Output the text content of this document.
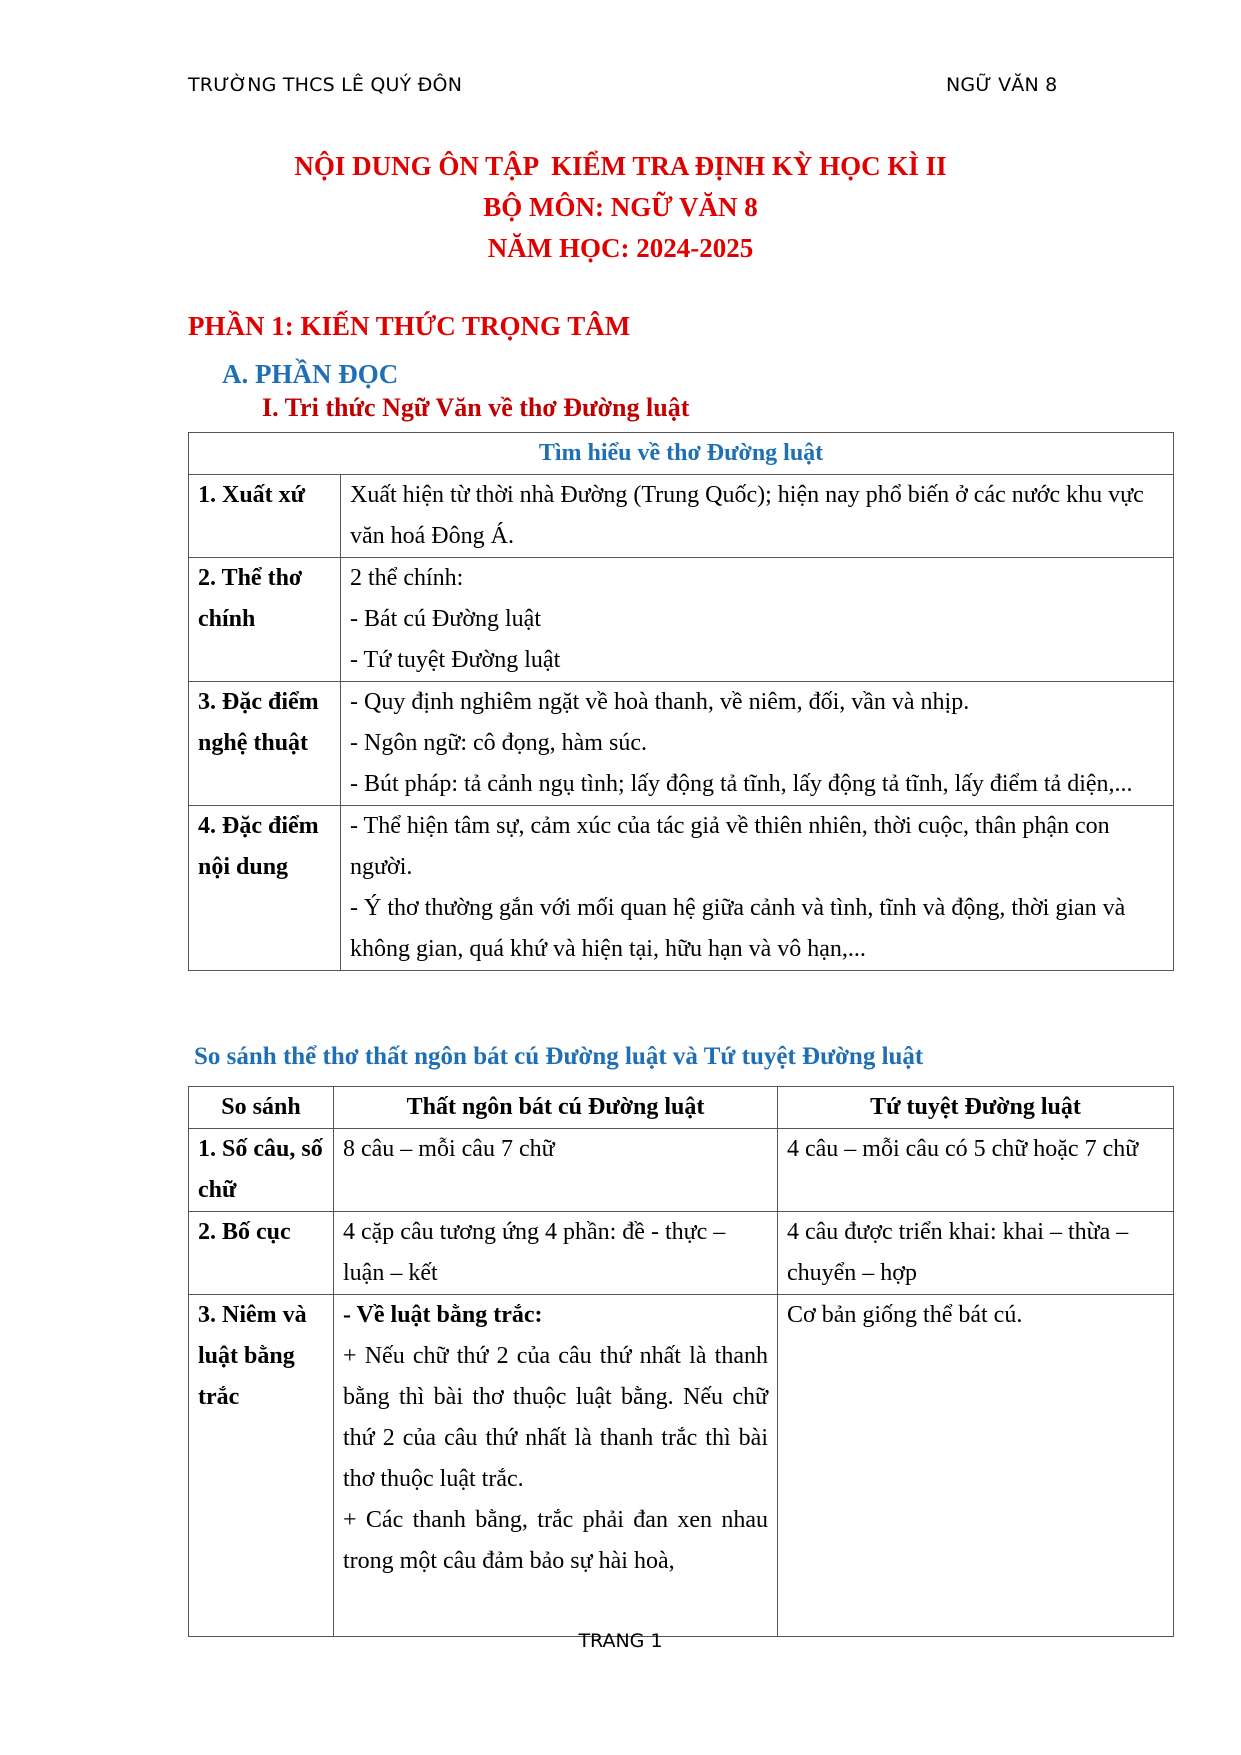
TRƯỜNG THCS LÊ QUÝ ĐÔN	NGỮ VĂN 8
NỘI DUNG ÔN TẬP  KIỂM TRA ĐỊNH KỲ HỌC KÌ II
BỘ MÔN: NGỮ VĂN 8
NĂM HỌC: 2024-2025
PHẦN 1: KIẾN THỨC TRỌNG TÂM
A. PHẦN ĐỌC
I. Tri thức Ngữ Văn về thơ Đường luật
Tìm hiểu về thơ Đường luật	
1. Xuất xứ	Xuất hiện từ thời nhà Đường (Trung Quốc); hiện nay phổ biến ở các nước khu vực văn hoá Đông Á.

2. Thể thơ chính	2 thể chính:
- Bát cú Đường luật
- Tứ tuyệt Đường luật

3. Đặc điểm nghệ thuật	- Quy định nghiêm ngặt về hoà thanh, về niêm, đối, vần và nhịp.
- Ngôn ngữ: cô đọng, hàm súc.
- Bút pháp: tả cảnh ngụ tình; lấy động tả tĩnh, lấy động tả tĩnh, lấy điểm tả diện,...

4. Đặc điểm nội dung	- Thể hiện tâm sự, cảm xúc của tác giả về thiên nhiên, thời cuộc, thân phận con người.
- Ý thơ thường gắn với mối quan hệ giữa cảnh và tình, tĩnh và động, thời gian và không gian, quá khứ và hiện tại, hữu hạn và vô hạn,...
So sánh thể thơ thất ngôn bát cú Đường luật và Tứ tuyệt Đường luật
So sánh	Thất ngôn bát cú Đường luật	Tứ tuyệt Đường luật
1. Số câu, số chữ	8 câu – mỗi câu 7 chữ	4 câu – mỗi câu có 5 chữ hoặc 7 chữ
2. Bố cục	4 cặp câu tương ứng 4 phần: đề - thực – luận – kết	4 câu được triển khai: khai – thừa – chuyển – hợp
3. Niêm và luật bằng trắc	- Về luật bằng trắc:
+ Nếu chữ thứ 2 của câu thứ nhất là thanh bằng thì bài thơ thuộc luật bằng. Nếu chữ thứ 2 của câu thứ nhất là thanh trắc thì bài thơ thuộc luật trắc.
+ Các thanh bằng, trắc phải đan xen nhau trong một câu đảm bảo sự hài hoà,	Cơ bản giống thể bát cú.
TRANG 1
